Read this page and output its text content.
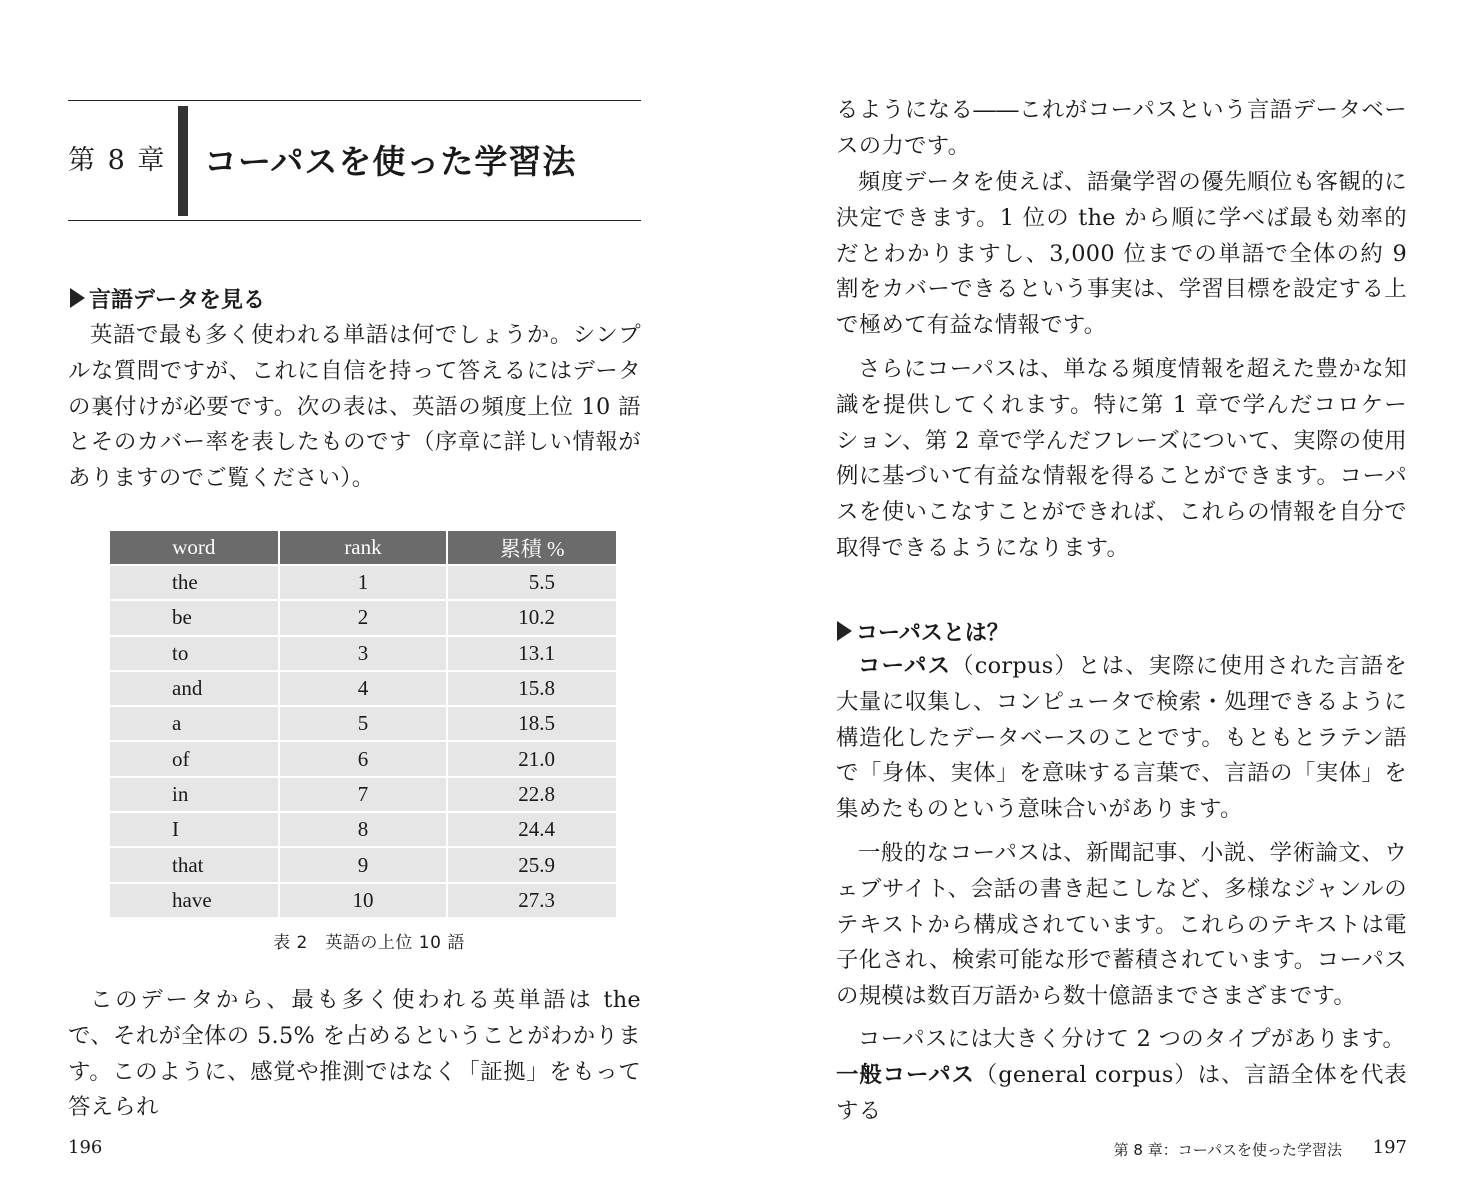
第 8 章 コーパスを使った学習法
言語データを見る

英語で最も多く使われる単語は何でしょうか。シンプルな質問ですが、これに自信を持って答えるにはデータの裏付けが必要です。次の表は、英語の頻度上位 10 語とそのカバー率を表したものです（序章に詳しい情報がありますのでご覧ください）。

word	rank	累積 %
the	1	5.5
be	2	10.2
to	3	13.1
and	4	15.8
a	5	18.5
of	6	21.0
in	7	22.8
I	8	24.4
that	9	25.9
have	10	27.3
表 2　英語の上位 10 語

このデータから、最も多く使われる英単語は the で、それが全体の 5.5% を占めるということがわかります。このように、感覚や推測ではなく「証拠」をもって答えられ

196

るようになる――これがコーパスという言語データベースの力です。

頻度データを使えば、語彙学習の優先順位も客観的に決定できます。1 位の the から順に学べば最も効率的だとわかりますし、3,000 位までの単語で全体の約 9 割をカバーできるという事実は、学習目標を設定する上で極めて有益な情報です。

さらにコーパスは、単なる頻度情報を超えた豊かな知識を提供してくれます。特に第 1 章で学んだコロケーション、第 2 章で学んだフレーズについて、実際の使用例に基づいて有益な情報を得ることができます。コーパスを使いこなすことができれば、これらの情報を自分で取得できるようになります。

コーパスとは？

コーパス（corpus）とは、実際に使用された言語を大量に収集し、コンピュータで検索・処理できるように構造化したデータベースのことです。もともとラテン語で「身体、実体」を意味する言葉で、言語の「実体」を集めたものという意味合いがあります。

一般的なコーパスは、新聞記事、小説、学術論文、ウェブサイト、会話の書き起こしなど、多様なジャンルのテキストから構成されています。これらのテキストは電子化され、検索可能な形で蓄積されています。コーパスの規模は数百万語から数十億語までさまざまです。

コーパスには大きく分けて 2 つのタイプがあります。

一般コーパス（general corpus）は、言語全体を代表する

第 8 章：コーパスを使った学習法 197
